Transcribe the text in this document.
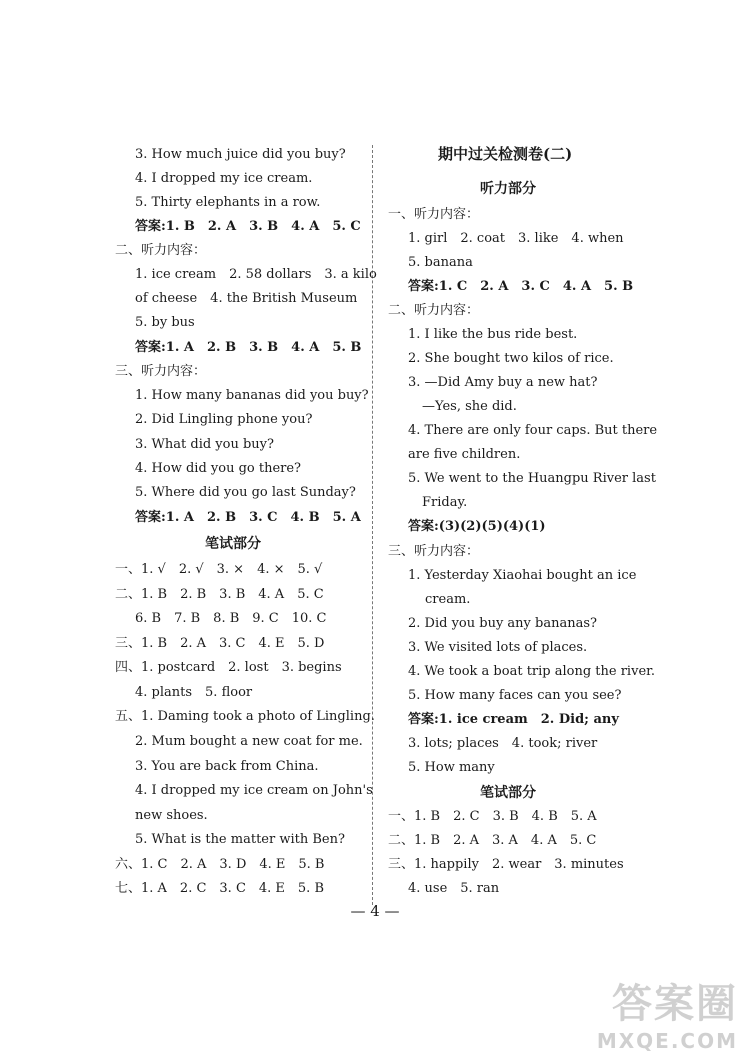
3. How much juice did you buy?
4. I dropped my ice cream.
5. Thirty elephants in a row.
答案:1. B　2. A　3. B　4. A　5. C
二、听力内容：
1. ice cream　2. 58 dollars　3. a kilo
of cheese　4. the British Museum
5. by bus
答案:1. A　2. B　3. B　4. A　5. B
三、听力内容：
1. How many bananas did you buy?
2. Did Lingling phone you?
3. What did you buy?
4. How did you go there?
5. Where did you go last Sunday?
答案:1. A　2. B　3. C　4. B　5. A
笔试部分
一、1. √　2. √　3. ×　4. ×　5. √
二、1. B　2. B　3. B　4. A　5. C
6. B　7. B　8. B　9. C　10. C
三、1. B　2. A　3. C　4. E　5. D
四、1. postcard　2. lost　3. begins
4. plants　5. floor
五、1. Daming took a photo of Lingling.
2. Mum bought a new coat for me.
3. You are back from China.
4. I dropped my ice cream on John's
new shoes.
5. What is the matter with Ben?
六、1. C　2. A　3. D　4. E　5. B
七、1. A　2. C　3. C　4. E　5. B
期中过关检测卷(二)
听力部分
一、听力内容：
1. girl　2. coat　3. like　4. when
5. banana
答案:1. C　2. A　3. C　4. A　5. B
二、听力内容：
1. I like the bus ride best.
2. She bought two kilos of rice.
3. —Did Amy buy a new hat?
—Yes, she did.
4. There are only four caps. But there
are five children.
5. We went to the Huangpu River last
Friday.
答案:(3)(2)(5)(4)(1)
三、听力内容：
1. Yesterday Xiaohai bought an ice
cream.
2. Did you buy any bananas?
3. We visited lots of places.
4. We took a boat trip along the river.
5. How many faces can you see?
答案:1. ice cream　2. Did; any
3. lots; places　4. took; river
5. How many
笔试部分
一、1. B　2. C　3. B　4. B　5. A
二、1. B　2. A　3. A　4. A　5. C
三、1. happily　2. wear　3. minutes
4. use　5. ran
— 4 —
答案圈
MXQE.COM
